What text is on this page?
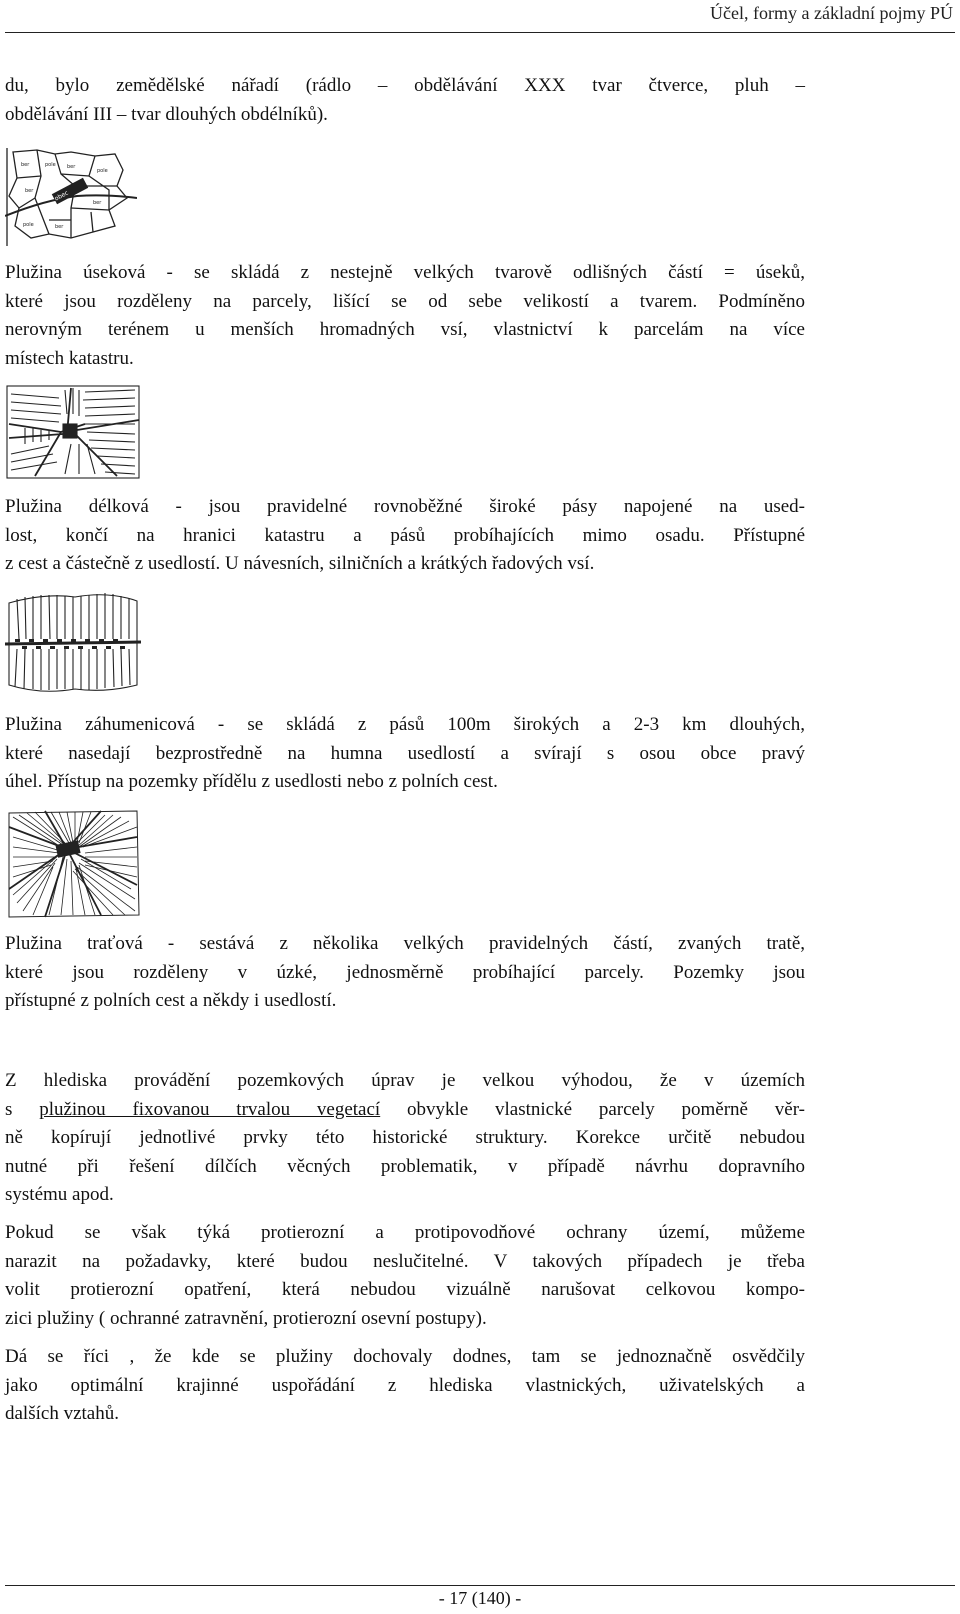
Účel, formy a základní pojmy PÚ

du, bylo zemědělské nářadí (rádlo – obdělávání XXX tvar čtverce, pluh –
obdělávání III – tvar dlouhých obdélníků).

obec
ber	pole ber
pole
ber
ber
pole	ber

Plužina úseková - se skládá z nestejně velkých tvarově odlišných částí = úseků,
které jsou rozděleny na parcely, lišící se od sebe velikostí a tvarem. Podmíněno
nerovným terénem u menších hromadných vsí, vlastnictví k parcelám na více
místech katastru.

Plužina délková - jsou pravidelné rovnoběžné široké pásy napojené na used-
lost, končí na hranici katastru a pásů probíhajících mimo osadu. Přístupné
z cest a částečně z usedlostí. U návesních, silničních a krátkých řadových vsí.

Plužina záhumenicová - se skládá z pásů 100m širokých a 2-3 km dlouhých,
které nasedají bezprostředně na humna usedlostí a svírají s osou obce pravý
úhel. Přístup na pozemky přídělu z usedlosti nebo z polních cest.

Plužina traťová - sestává z několika velkých pravidelných částí, zvaných tratě,
které jsou rozděleny v úzké, jednosměrně probíhající parcely. Pozemky jsou
přístupné z polních cest a někdy i usedlostí.

Z hlediska provádění pozemkových úprav je velkou výhodou, že v územích
s plužinou fixovanou trvalou vegetací obvykle vlastnické parcely poměrně věr-
ně kopírují jednotlivé prvky této historické struktury. Korekce určitě nebudou
nutné při řešení dílčích věcných problematik, v případě návrhu dopravního
systému apod.

Pokud se však týká protierozní a protipovodňové ochrany území, můžeme
narazit na požadavky, které budou neslučitelné. V takových případech je třeba
volit protierozní opatření, která nebudou vizuálně narušovat celkovou kompo-
zici plužiny ( ochranné zatravnění, protierozní osevní postupy).

Dá se říci , že kde se plužiny dochovaly dodnes, tam se jednoznačně osvědčily
jako optimální krajinné uspořádání z hlediska vlastnických, uživatelských a
dalších vztahů.

- 17 (140) -
